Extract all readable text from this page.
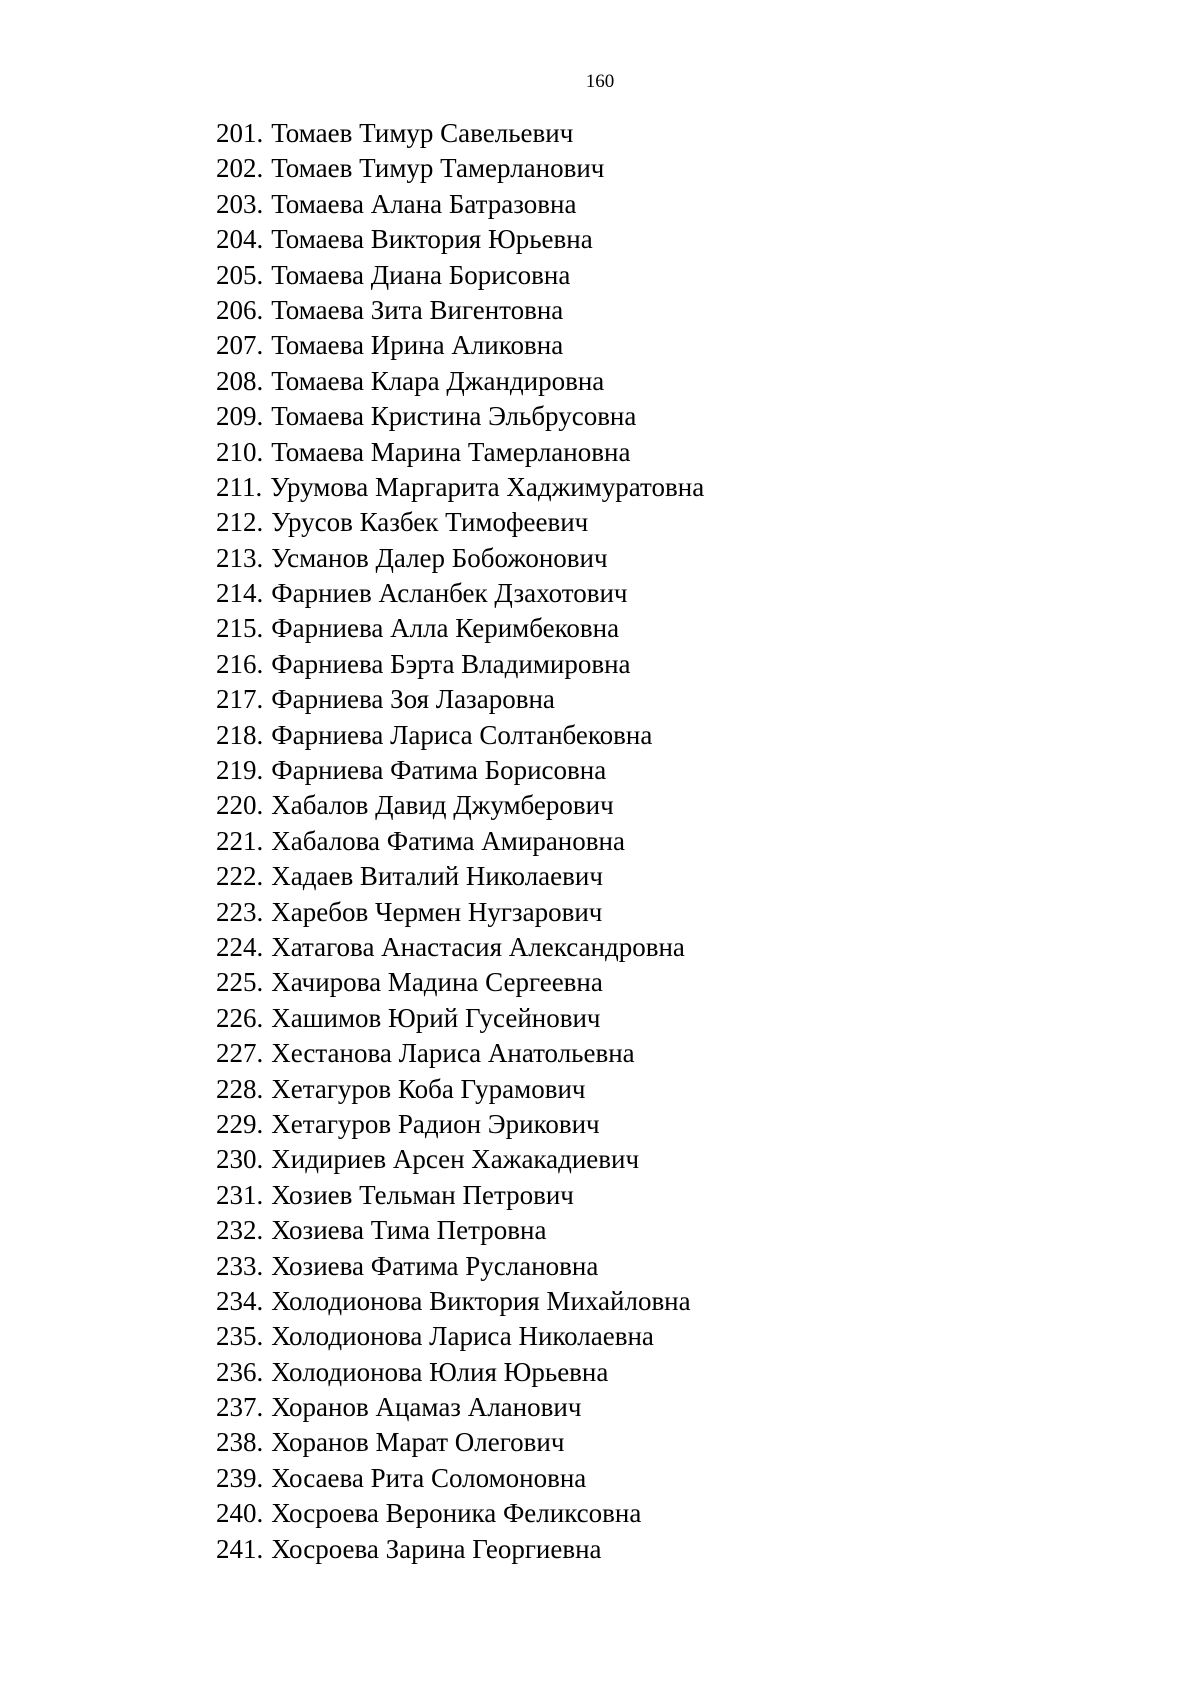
160
201. Томаев Тимур Савельевич
202. Томаев Тимур Тамерланович
203. Томаева Алана Батразовна
204. Томаева Виктория Юрьевна
205. Томаева Диана Борисовна
206. Томаева Зита Вигентовна
207. Томаева Ирина Аликовна
208. Томаева Клара Джандировна
209. Томаева Кристина Эльбрусовна
210. Томаева Марина Тамерлановна
211. Урумова Маргарита Хаджимуратовна
212. Урусов Казбек Тимофеевич
213. Усманов Далер Бобожонович
214. Фарниев Асланбек Дзахотович
215. Фарниева Алла Керимбековна
216. Фарниева Бэрта Владимировна
217. Фарниева Зоя Лазаровна
218. Фарниева Лариса Солтанбековна
219. Фарниева Фатима Борисовна
220. Хабалов Давид Джумберович
221. Хабалова Фатима Амирановна
222. Хадаев Виталий Николаевич
223. Харебов Чермен Нугзарович
224. Хатагова Анастасия Александровна
225. Хачирова Мадина Сергеевна
226. Хашимов Юрий Гусейнович
227. Хестанова Лариса Анатольевна
228. Хетагуров Коба Гурамович
229. Хетагуров Радион Эрикович
230. Хидириев Арсен Хажакадиевич
231. Хозиев Тельман Петрович
232. Хозиева Тима Петровна
233. Хозиева Фатима Руслановна
234. Холодионова Виктория Михайловна
235. Холодионова Лариса Николаевна
236. Холодионова Юлия Юрьевна
237. Хоранов Ацамаз Аланович
238. Хоранов Марат Олегович
239. Хосаева Рита Соломоновна
240. Хосроева Вероника Феликсовна
241. Хосроева Зарина Георгиевна
